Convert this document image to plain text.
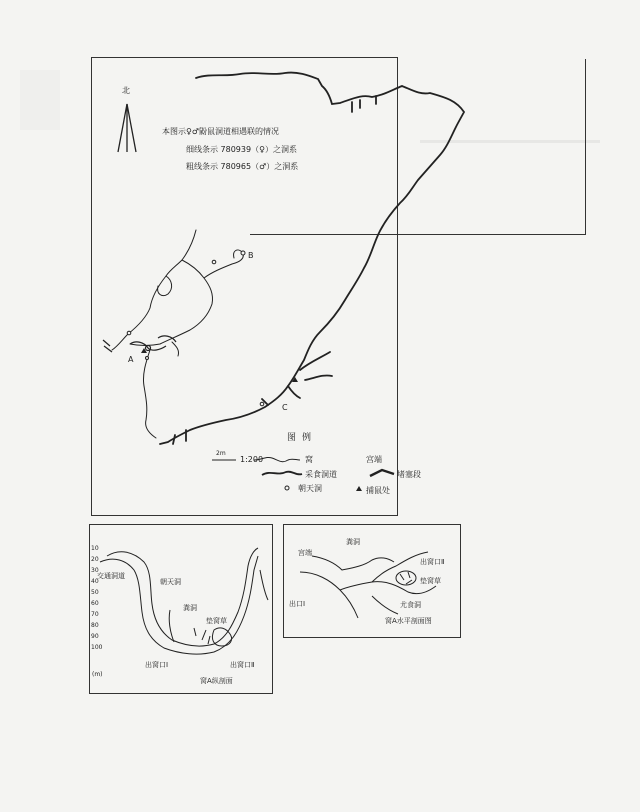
北
本图示♀♂鼢鼠洞道相遇联的情况
细线条示 780939（♀）之洞系
粗线条示 780965（♂）之洞系
B
A
C
图例
2m
1:200	窝	宫端
采食洞道	堵塞段
朝天洞	捕鼠处
10
20
30
40
50
60
70
80
90
100
(m)
交通洞道
朝天洞
粪洞
垫窝草
出窝口Ⅰ	出窝口Ⅱ
窝A纵剖面
宫端
粪洞
出窝口Ⅱ
垫窝草
出口Ⅰ	尤食洞
窝A水平剖面图
